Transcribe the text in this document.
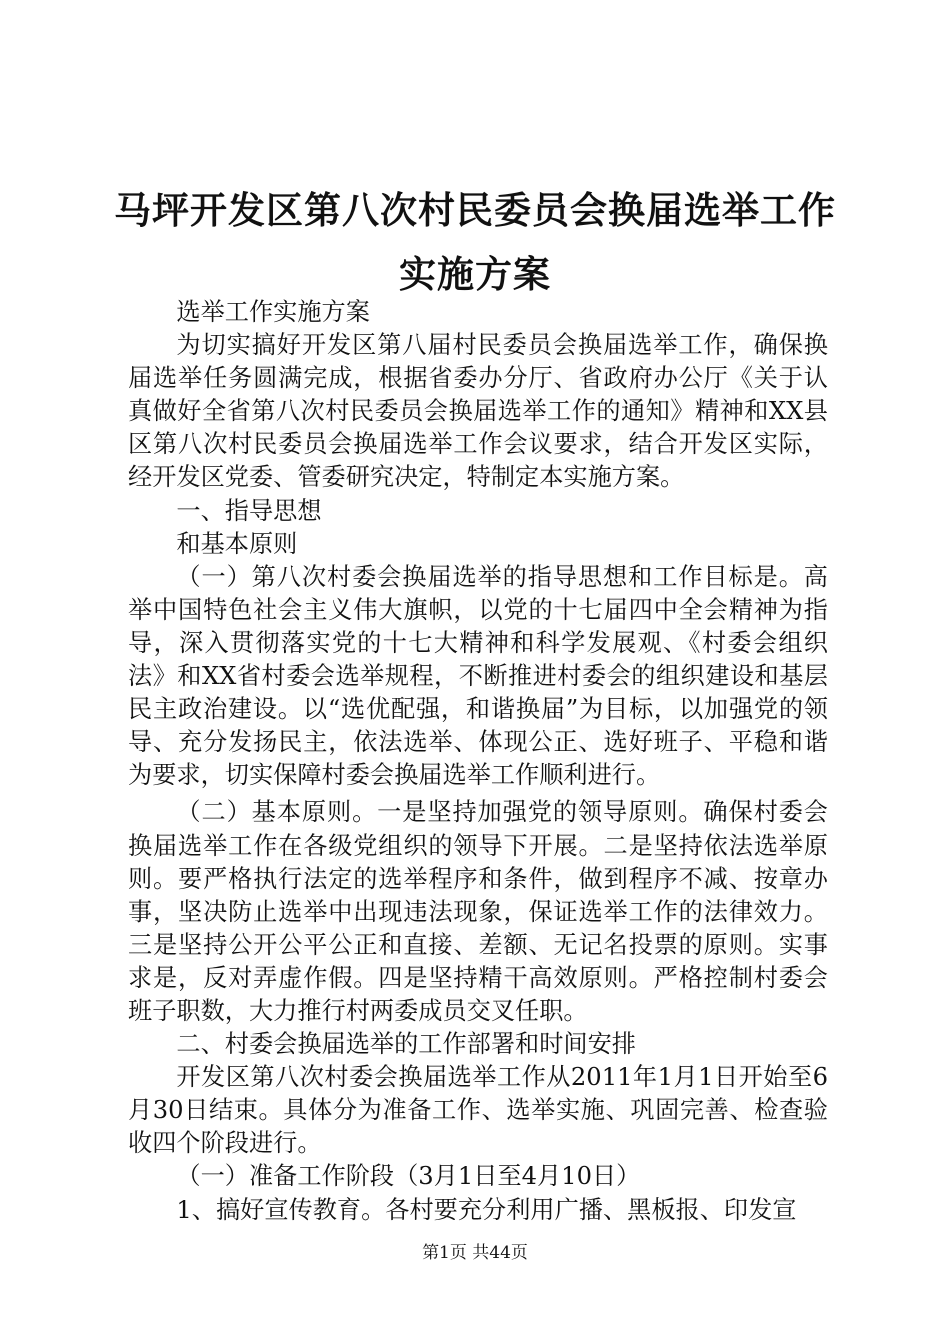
马坪开发区第八次村民委员会换届选举工作实施方案

选举工作实施方案

为切实搞好开发区第八届村民委员会换届选举工作，确保换届选举任务圆满完成，根据省委办分厅、省政府办公厅《关于认真做好全省第八次村民委员会换届选举工作的通知》精神和XX县区第八次村民委员会换届选举工作会议要求，结合开发区实际，经开发区党委、管委研究决定，特制定本实施方案。

一、指导思想

和基本原则

（一）第八次村委会换届选举的指导思想和工作目标是。高举中国特色社会主义伟大旗帜，以党的十七届四中全会精神为指导，深入贯彻落实党的十七大精神和科学发展观、《村委会组织法》和XX省村委会选举规程，不断推进村委会的组织建设和基层民主政治建设。以“选优配强，和谐换届”为目标，以加强党的领导、充分发扬民主，依法选举、体现公正、选好班子、平稳和谐为要求，切实保障村委会换届选举工作顺利进行。

（二）基本原则。一是坚持加强党的领导原则。确保村委会换届选举工作在各级党组织的领导下开展。二是坚持依法选举原则。要严格执行法定的选举程序和条件，做到程序不减、按章办事，坚决防止选举中出现违法现象，保证选举工作的法律效力。三是坚持公开公平公正和直接、差额、无记名投票的原则。实事求是，反对弄虚作假。四是坚持精干高效原则。严格控制村委会班子职数，大力推行村两委成员交叉任职。

二、村委会换届选举的工作部署和时间安排

开发区第八次村委会换届选举工作从2011年1月1日开始至6月30日结束。具体分为准备工作、选举实施、巩固完善、检查验收四个阶段进行。

（一）准备工作阶段（3月1日至4月10日）

1、搞好宣传教育。各村要充分利用广播、黑板报、印发宣

第1页 共44页
